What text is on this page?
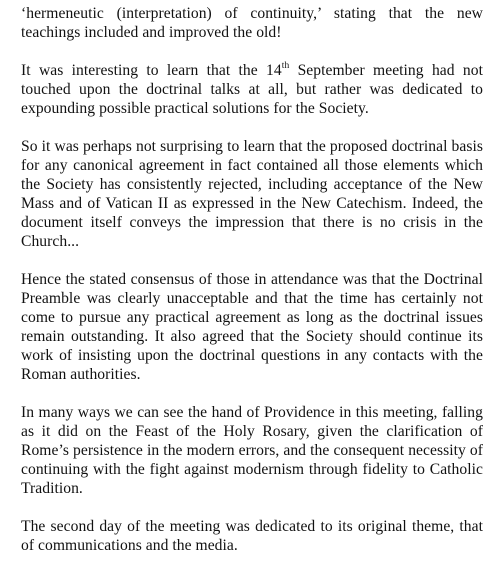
‘hermeneutic (interpretation) of continuity,’ stating that the new teachings included and improved the old!

It was interesting to learn that the 14th September meeting had not touched upon the doctrinal talks at all, but rather was dedicated to expounding possible practical solutions for the Society.

So it was perhaps not surprising to learn that the proposed doctrinal basis for any canonical agreement in fact contained all those elements which the Society has consistently rejected, including acceptance of the New Mass and of Vatican II as expressed in the New Catechism. Indeed, the document itself conveys the impression that there is no crisis in the Church...

Hence the stated consensus of those in attendance was that the Doctrinal Preamble was clearly unacceptable and that the time has certainly not come to pursue any practical agreement as long as the doctrinal issues remain outstanding. It also agreed that the Society should continue its work of insisting upon the doctrinal questions in any contacts with the Roman authorities.

In many ways we can see the hand of Providence in this meeting, falling as it did on the Feast of the Holy Rosary, given the clarification of Rome’s persistence in the modern errors, and the consequent necessity of continuing with the fight against modernism through fidelity to Catholic Tradition.

The second day of the meeting was dedicated to its original theme, that of communications and the media.
